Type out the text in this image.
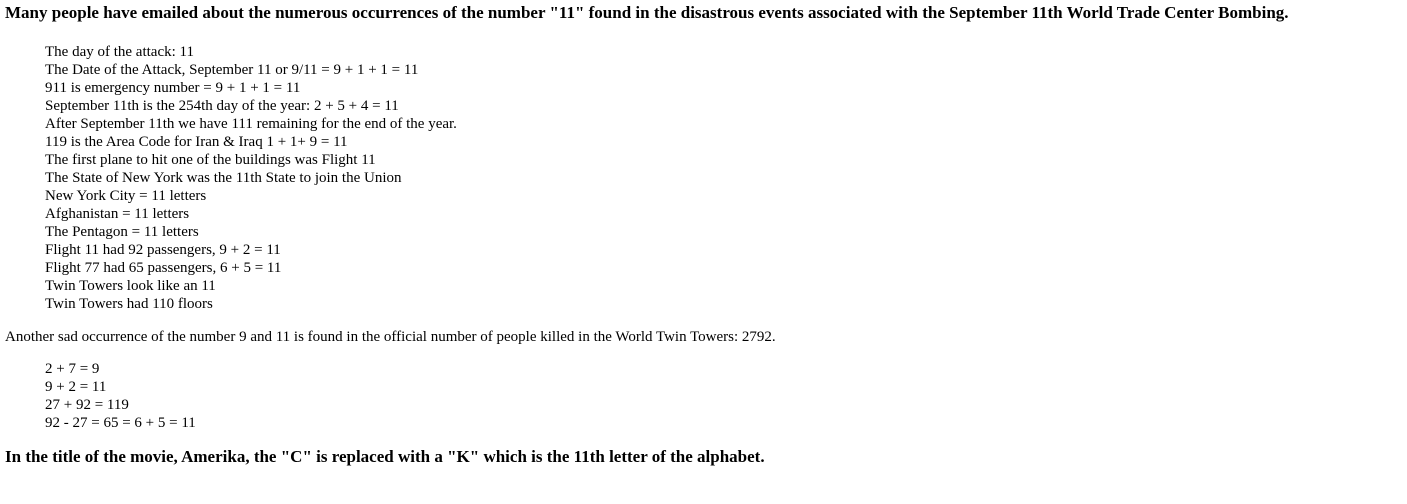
Many people have emailed about the numerous occurrences of the number "11" found in the disastrous events associated with the September 11th World Trade Center Bombing.
The day of the attack: 11
The Date of the Attack, September 11 or 9/11 = 9 + 1 + 1 = 11
911 is emergency number = 9 + 1 + 1 = 11
September 11th is the 254th day of the year: 2 + 5 + 4 = 11
After September 11th we have 111 remaining for the end of the year.
119 is the Area Code for Iran & Iraq 1 + 1+ 9 = 11
The first plane to hit one of the buildings was Flight 11
The State of New York was the 11th State to join the Union
New York City = 11 letters
Afghanistan = 11 letters
The Pentagon = 11 letters
Flight 11 had 92 passengers, 9 + 2 = 11
Flight 77 had 65 passengers, 6 + 5 = 11
Twin Towers look like an 11
Twin Towers had 110 floors

Another sad occurrence of the number 9 and 11 is found in the official number of people killed in the World Twin Towers: 2792.

2 + 7 = 9
9 + 2 = 11
27 + 92 = 119
92 - 27 = 65 = 6 + 5 = 11
In the title of the movie, Amerika, the "C" is replaced with a "K" which is the 11th letter of the alphabet.
